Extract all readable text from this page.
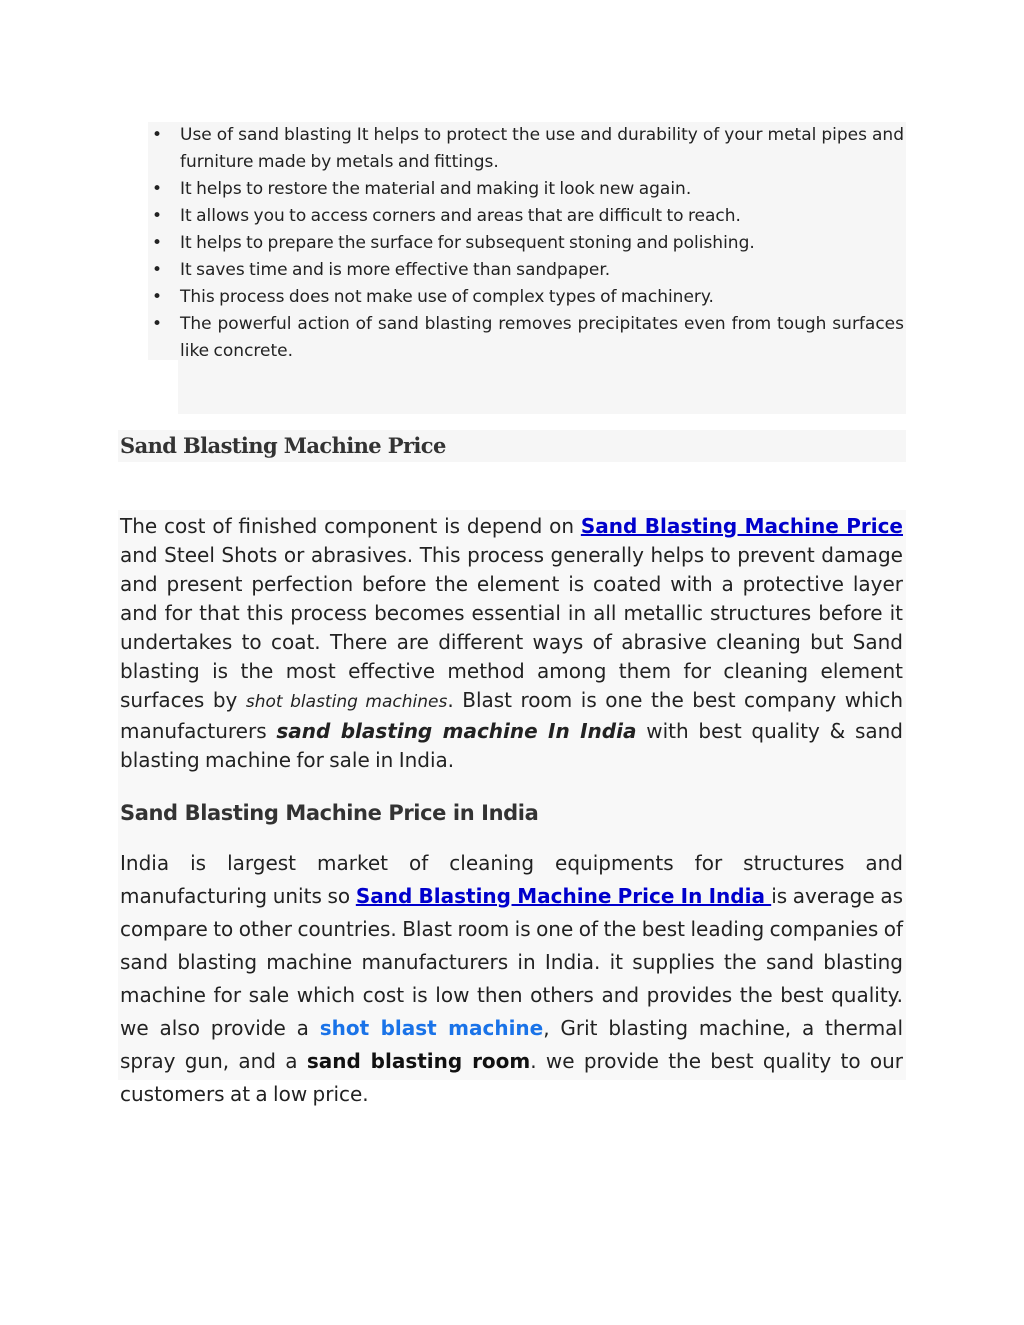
• Use of sand blasting It helps to protect the use and durability of your metal pipes and furniture made by metals and fittings.
• It helps to restore the material and making it look new again.
• It allows you to access corners and areas that are difficult to reach.
• It helps to prepare the surface for subsequent stoning and polishing.
• It saves time and is more effective than sandpaper.
• This process does not make use of complex types of machinery.
• The powerful action of sand blasting removes precipitates even from tough surfaces like concrete.
Sand Blasting Machine Price

The cost of finished component is depend on Sand Blasting Machine Price and Steel Shots or abrasives. This process generally helps to prevent damage and present perfection before the element is coated with a protective layer and for that this process becomes essential in all metallic structures before it undertakes to coat. There are different ways of abrasive cleaning but Sand blasting is the most effective method among them for cleaning element surfaces by shot blasting machines. Blast room is one the best company which manufacturers sand blasting machine In India with best quality & sand blasting machine for sale in India.

Sand Blasting Machine Price in India

India is largest market of cleaning equipments for structures and manufacturing units so Sand Blasting Machine Price In India is average as compare to other countries. Blast room is one of the best leading companies of sand blasting machine manufacturers in India. it supplies the sand blasting machine for sale which cost is low then others and provides the best quality. we also provide a shot blast machine, Grit blasting machine, a thermal spray gun, and a sand blasting room. we provide the best quality to our customers at a low price.
